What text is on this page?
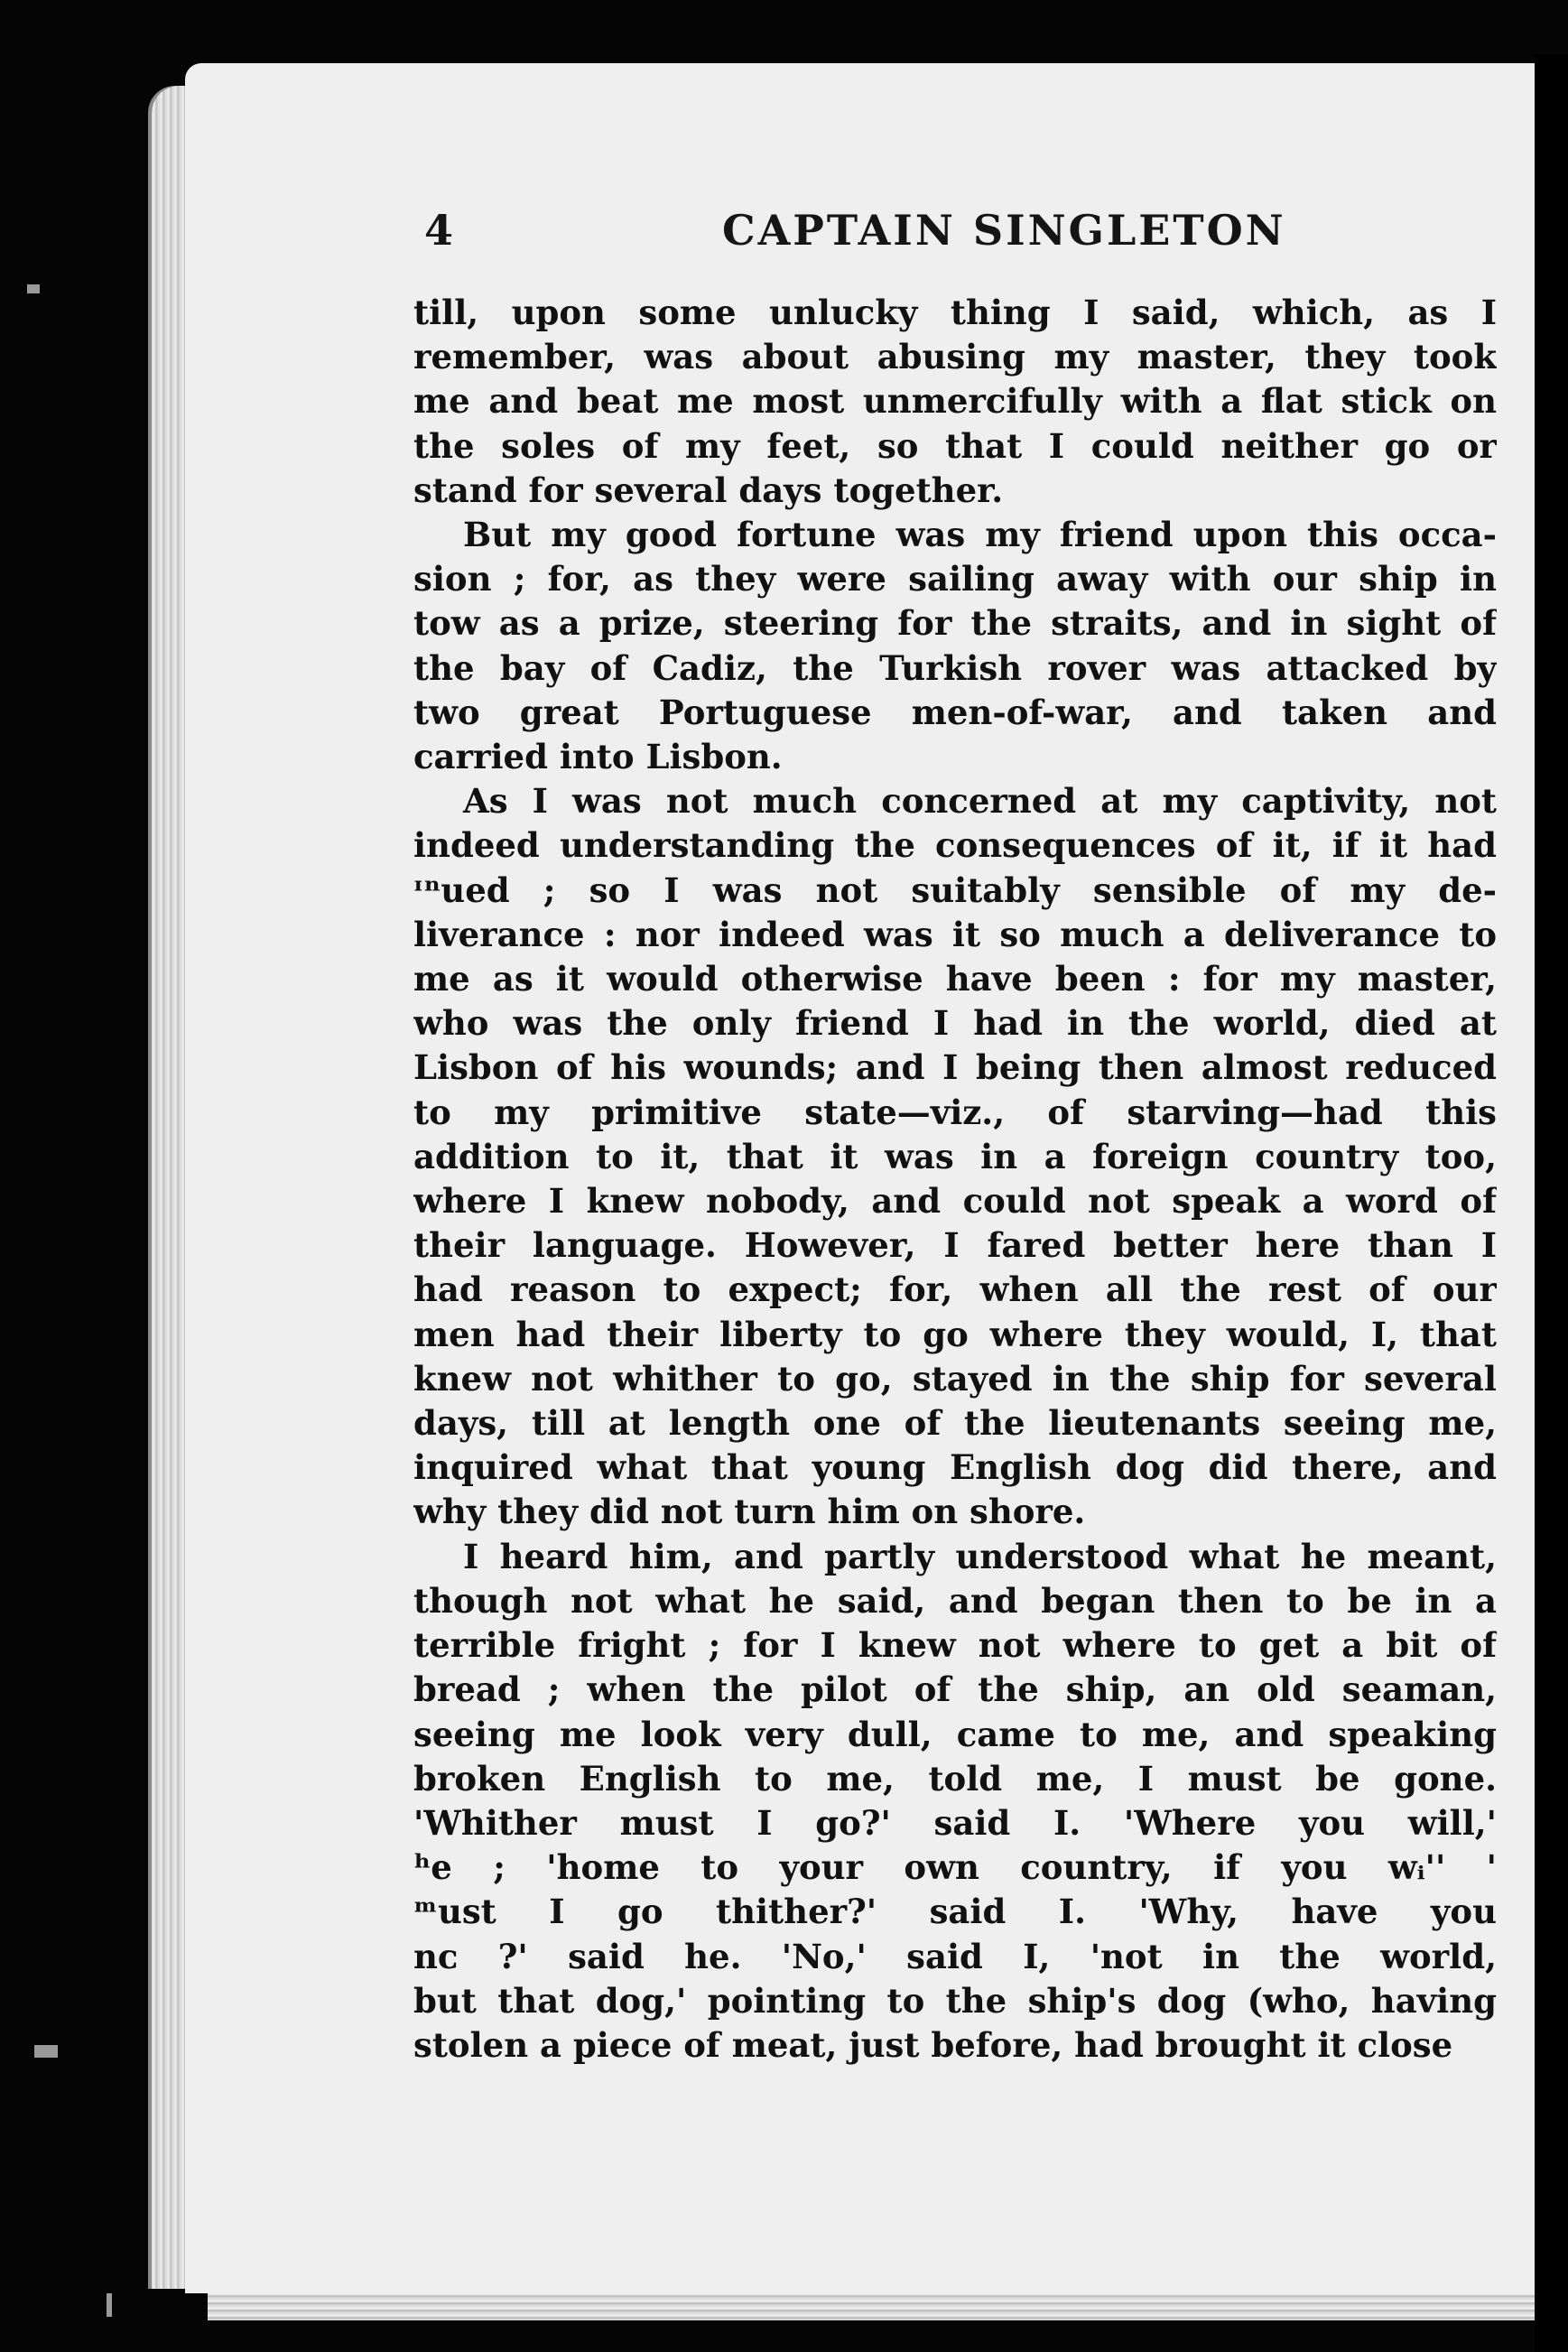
4	CAPTAIN SINGLETON

till, upon some unlucky thing I said, which, as I
remember, was about abusing my master, they took
me and beat me most unmercifully with a flat stick on
the soles of my feet, so that I could neither go or
stand for several days together.

But my good fortune was my friend upon this occa-
sion ; for, as they were sailing away with our ship in
tow as a prize, steering for the straits, and in sight of
the bay of Cadiz, the Turkish rover was attacked by
two great Portuguese men-of-war, and taken and
carried into Lisbon.

As I was not much concerned at my captivity, not
indeed understanding the consequences of it, if it had
ᶦⁿued ; so I was not suitably sensible of my de-
liverance : nor indeed was it so much a deliverance to
me as it would otherwise have been : for my master,
who was the only friend I had in the world, died at
Lisbon of his wounds; and I being then almost reduced
to my primitive state—viz., of starving—had this
addition to it, that it was in a foreign country too,
where I knew nobody, and could not speak a word of
their language. However, I fared better here than I
had reason to expect; for, when all the rest of our
men had their liberty to go where they would, I, that
knew not whither to go, stayed in the ship for several
days, till at length one of the lieutenants seeing me,
inquired what that young English dog did there, and
why they did not turn him on shore.

I heard him, and partly understood what he meant,
though not what he said, and began then to be in a
terrible fright ; for I knew not where to get a bit of
bread ; when the pilot of the ship, an old seaman,
seeing me look very dull, came to me, and speaking
broken English to me, told me, I must be gone.
'Whither must I go?' said I. 'Where you will,'
ʰe ; 'home to your own country, if you wᵢ'' '
ᵐust I go thither?' said I. 'Why, have you
nᴄ ?' said he. 'No,' said I, 'not in the world,
but that dog,' pointing to the ship's dog (who, having
stolen a piece of meat, just before, had brought it close
